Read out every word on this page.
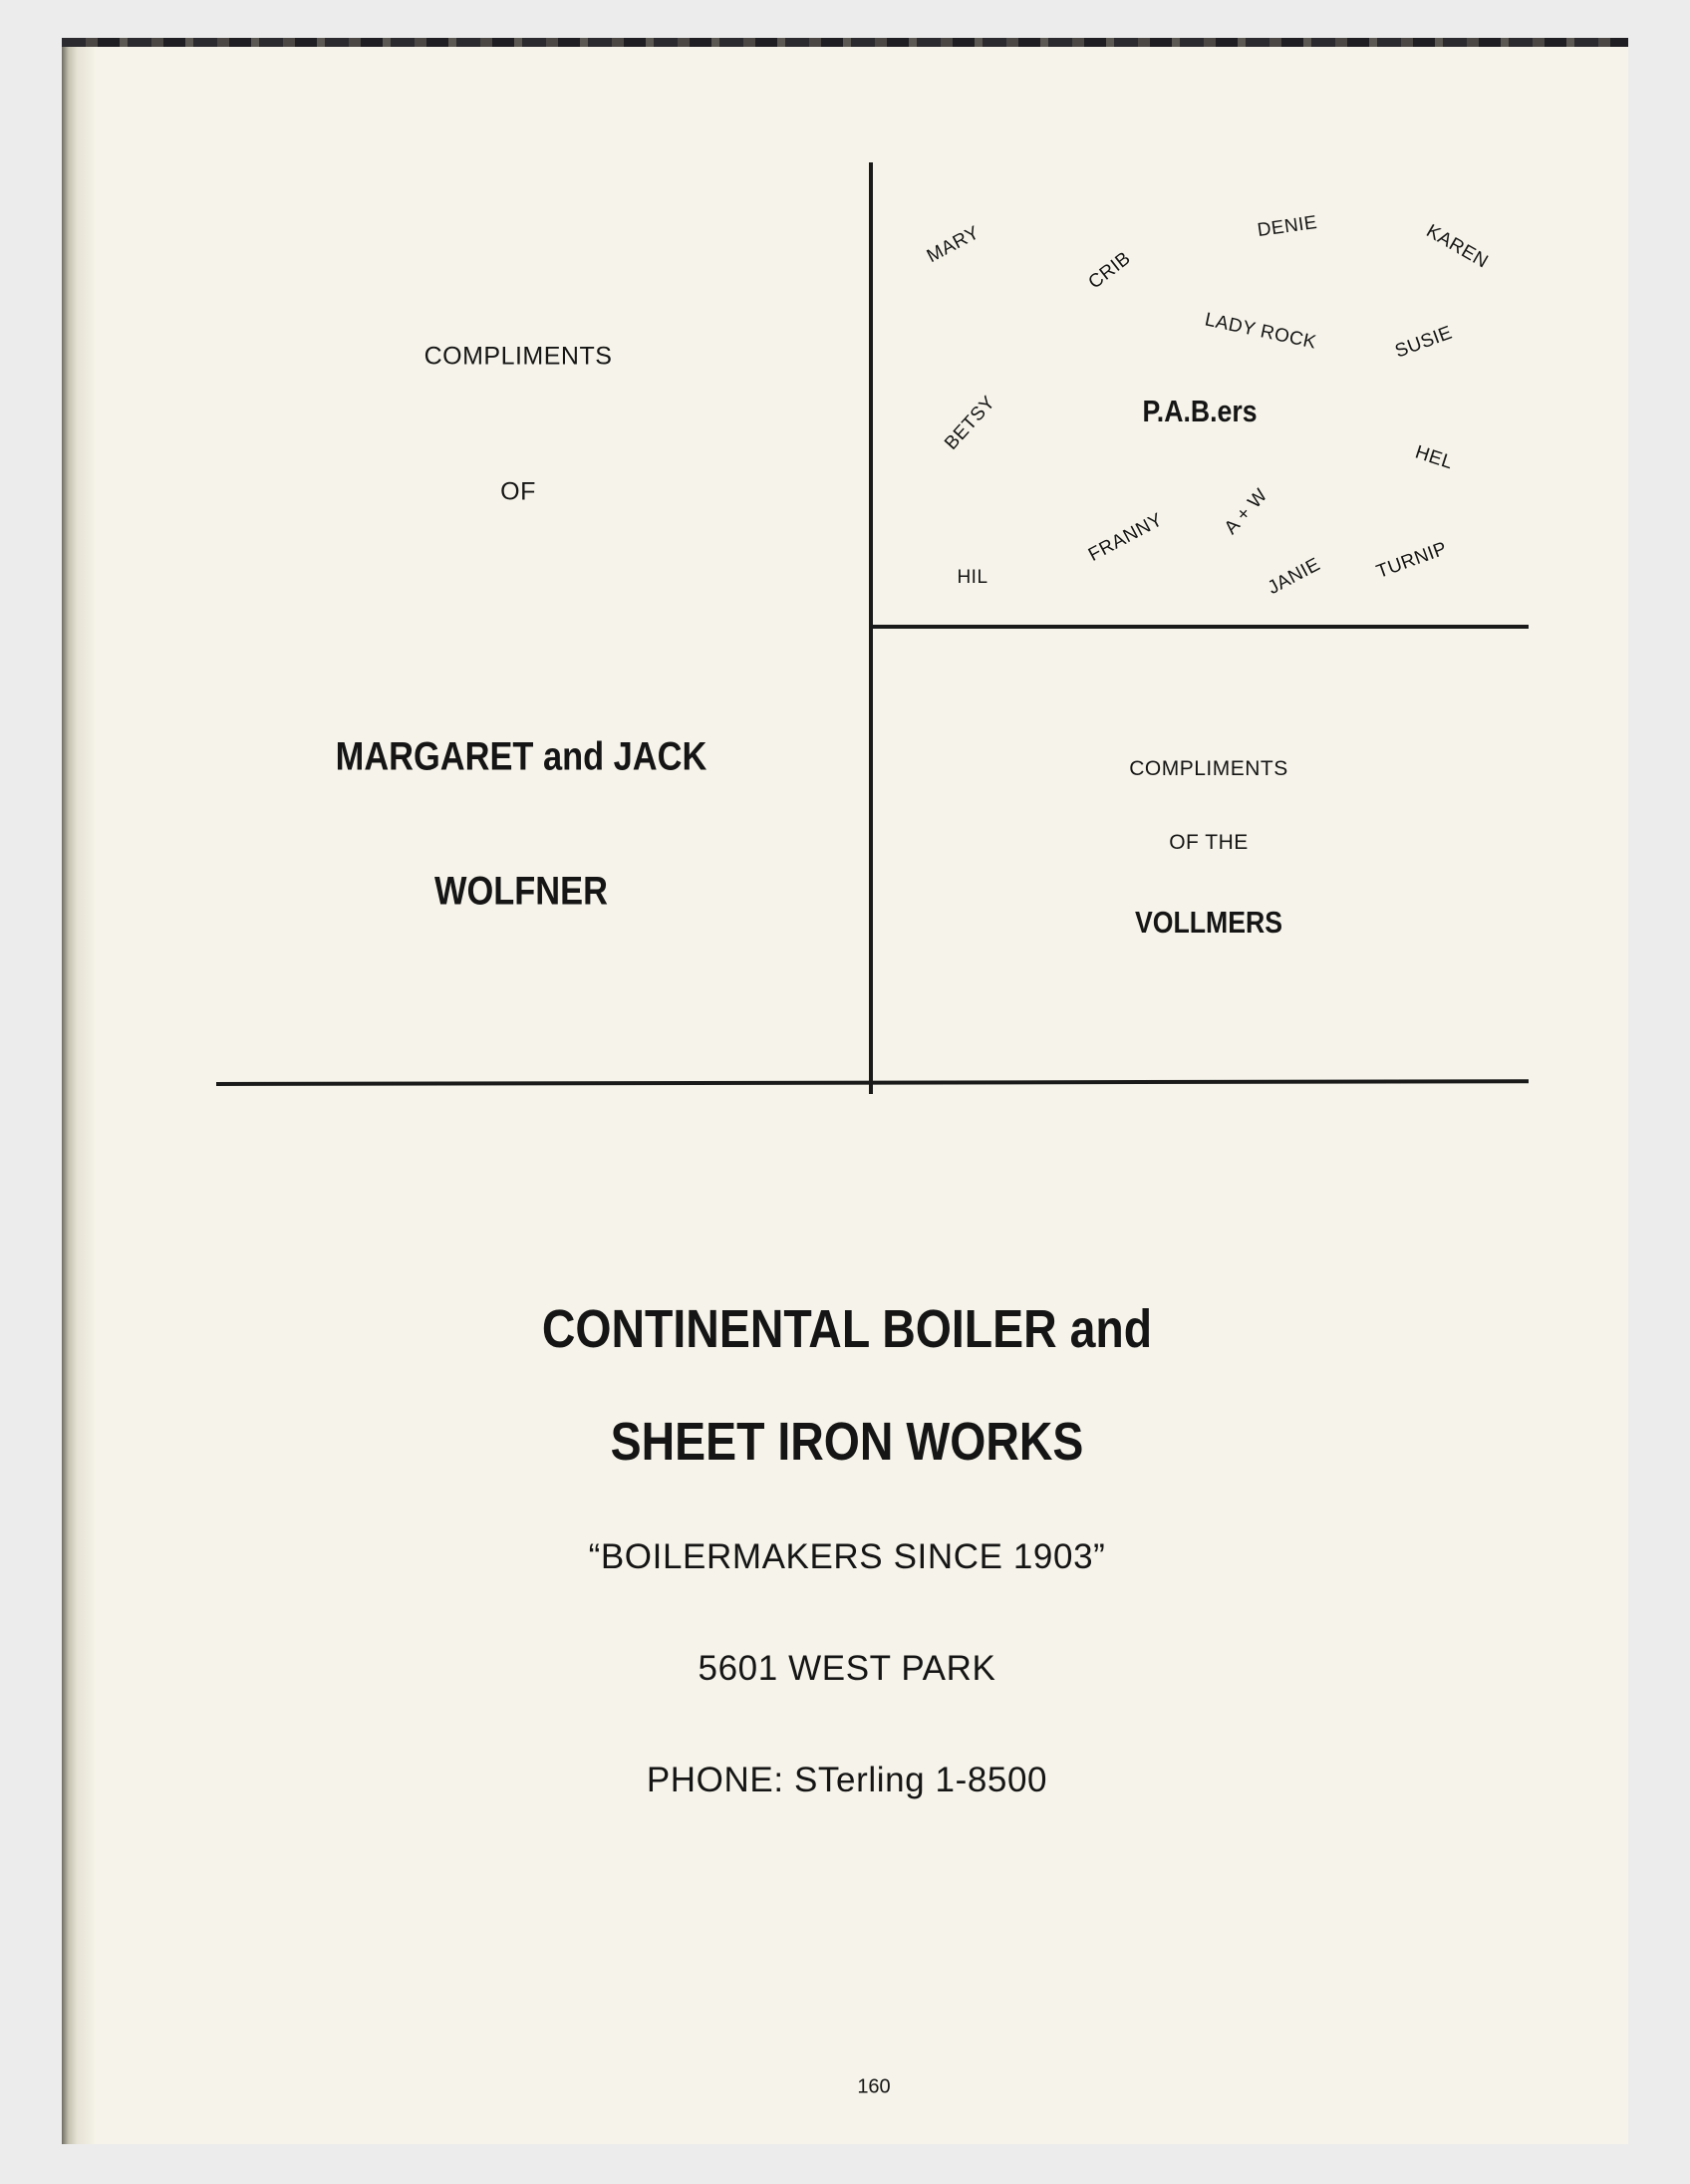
COMPLIMENTS
OF
MARGARET and JACK
WOLFNER
P.A.B.ers
MARY
CRIB
DENIE	KAREN
LADY ROCK	SUSIE
BETSY
HEL
A + W
FRANNY
HIL	JANIE	TURNIP
COMPLIMENTS
OF THE
VOLLMERS
CONTINENTAL BOILER and
SHEET IRON WORKS
“BOILERMAKERS SINCE 1903”
5601 WEST PARK
PHONE: STerling 1-8500
160
